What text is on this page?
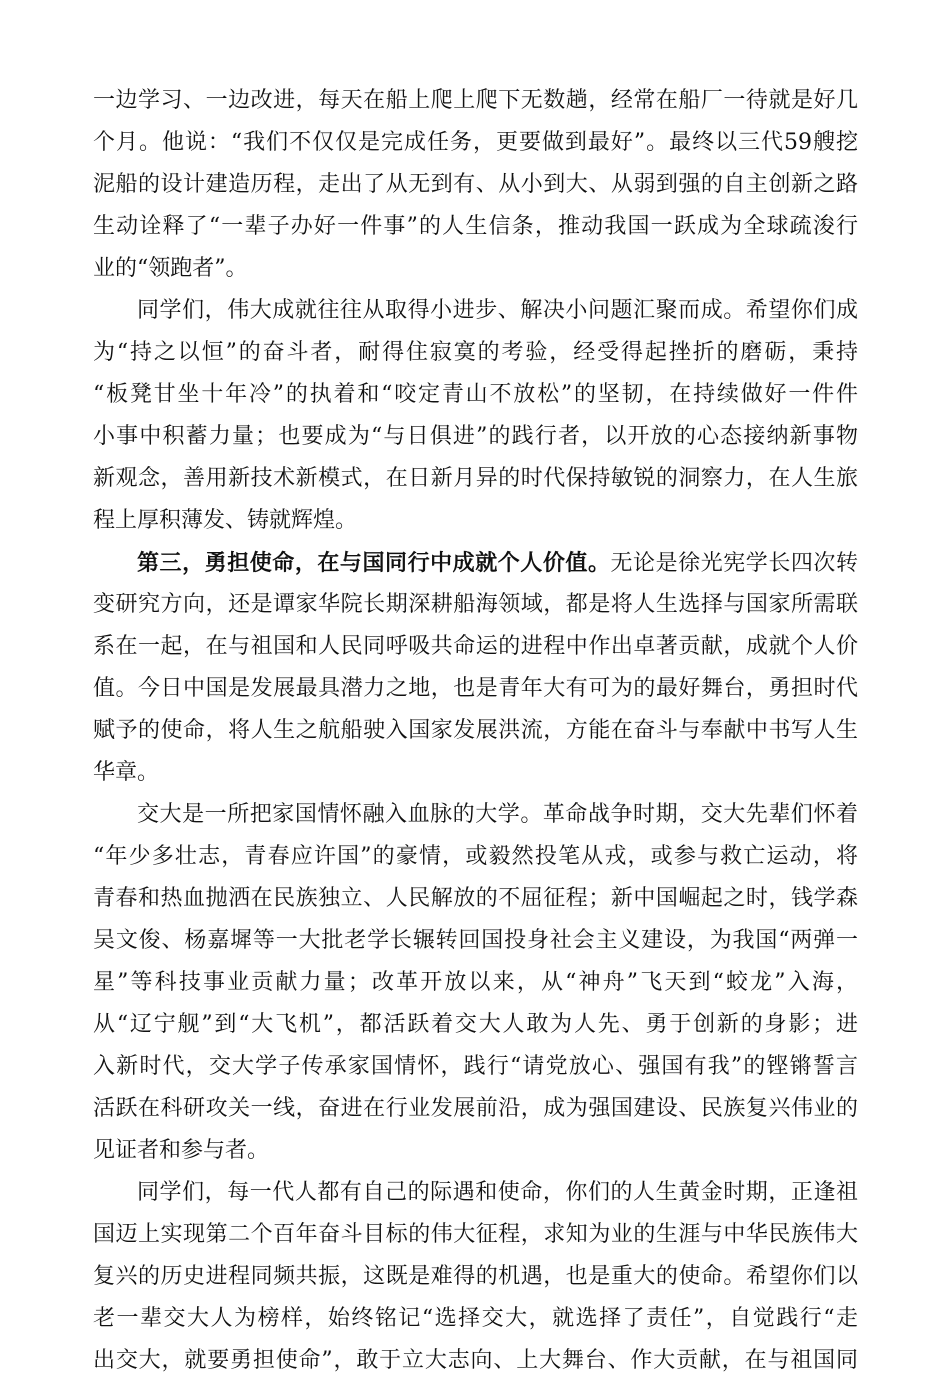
一边学习、一边改进，每天在船上爬上爬下无数趟，经常在船厂一待就是好几
个月。他说：“我们不仅仅是完成任务，更要做到最好”。最终以三代59艘挖
泥船的设计建造历程，走出了从无到有、从小到大、从弱到强的自主创新之路
生动诠释了“一辈子办好一件事”的人生信条，推动我国一跃成为全球疏浚行
业的“领跑者”。
同学们，伟大成就往往从取得小进步、解决小问题汇聚而成。希望你们成
为“持之以恒”的奋斗者，耐得住寂寞的考验，经受得起挫折的磨砺，秉持
“板凳甘坐十年冷”的执着和“咬定青山不放松”的坚韧，在持续做好一件件
小事中积蓄力量；也要成为“与日俱进”的践行者，以开放的心态接纳新事物
新观念，善用新技术新模式，在日新月异的时代保持敏锐的洞察力，在人生旅
程上厚积薄发、铸就辉煌。
第三，勇担使命，在与国同行中成就个人价值。无论是徐光宪学长四次转
变研究方向，还是谭家华院长期深耕船海领域，都是将人生选择与国家所需联
系在一起，在与祖国和人民同呼吸共命运的进程中作出卓著贡献，成就个人价
值。今日中国是发展最具潜力之地，也是青年大有可为的最好舞台，勇担时代
赋予的使命，将人生之航船驶入国家发展洪流，方能在奋斗与奉献中书写人生
华章。
交大是一所把家国情怀融入血脉的大学。革命战争时期，交大先辈们怀着
“年少多壮志，青春应许国”的豪情，或毅然投笔从戎，或参与救亡运动，将
青春和热血抛洒在民族独立、人民解放的不屈征程；新中国崛起之时，钱学森
吴文俊、杨嘉墀等一大批老学长辗转回国投身社会主义建设，为我国“两弹一
星”等科技事业贡献力量；改革开放以来，从“神舟”飞天到“蛟龙”入海，
从“辽宁舰”到“大飞机”，都活跃着交大人敢为人先、勇于创新的身影；进
入新时代，交大学子传承家国情怀，践行“请党放心、强国有我”的铿锵誓言
活跃在科研攻关一线，奋进在行业发展前沿，成为强国建设、民族复兴伟业的
见证者和参与者。
同学们，每一代人都有自己的际遇和使命，你们的人生黄金时期，正逢祖
国迈上实现第二个百年奋斗目标的伟大征程，求知为业的生涯与中华民族伟大
复兴的历史进程同频共振，这既是难得的机遇，也是重大的使命。希望你们以
老一辈交大人为榜样，始终铭记“选择交大，就选择了责任”，自觉践行“走
出交大，就要勇担使命”，敢于立大志向、上大舞台、作大贡献，在与祖国同
